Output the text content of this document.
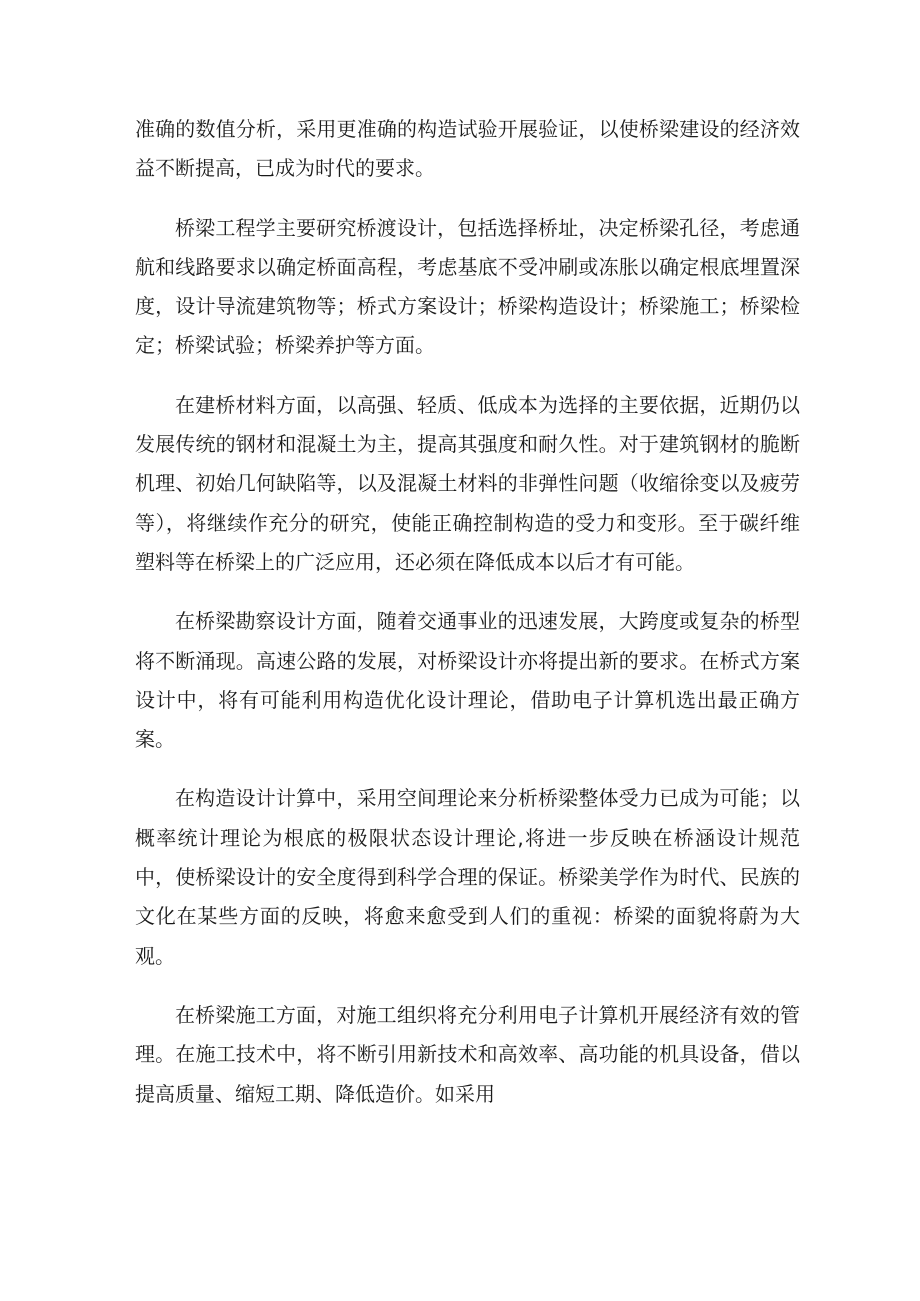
准确的数值分析，采用更准确的构造试验开展验证，以使桥梁建设的经济效益不断提高，已成为时代的要求。

桥梁工程学主要研究桥渡设计，包括选择桥址，决定桥梁孔径，考虑通航和线路要求以确定桥面高程，考虑基底不受冲刷或冻胀以确定根底埋置深度，设计导流建筑物等；桥式方案设计；桥梁构造设计；桥梁施工；桥梁检定；桥梁试验；桥梁养护等方面。

在建桥材料方面，以高强、轻质、低成本为选择的主要依据，近期仍以发展传统的钢材和混凝土为主，提高其强度和耐久性。对于建筑钢材的脆断机理、初始几何缺陷等，以及混凝土材料的非弹性问题（收缩徐变以及疲劳等），将继续作充分的研究，使能正确控制构造的受力和变形。至于碳纤维塑料等在桥梁上的广泛应用，还必须在降低成本以后才有可能。

在桥梁勘察设计方面，随着交通事业的迅速发展，大跨度或复杂的桥型将不断涌现。高速公路的发展，对桥梁设计亦将提出新的要求。在桥式方案设计中，将有可能利用构造优化设计理论，借助电子计算机选出最正确方案。

在构造设计计算中，采用空间理论来分析桥梁整体受力已成为可能；以概率统计理论为根底的极限状态设计理论,将进一步反映在桥涵设计规范中，使桥梁设计的安全度得到科学合理的保证。桥梁美学作为时代、民族的文化在某些方面的反映，将愈来愈受到人们的重视：桥梁的面貌将蔚为大观。

在桥梁施工方面，对施工组织将充分利用电子计算机开展经济有效的管理。在施工技术中，将不断引用新技术和高效率、高功能的机具设备，借以提高质量、缩短工期、降低造价。如采用
